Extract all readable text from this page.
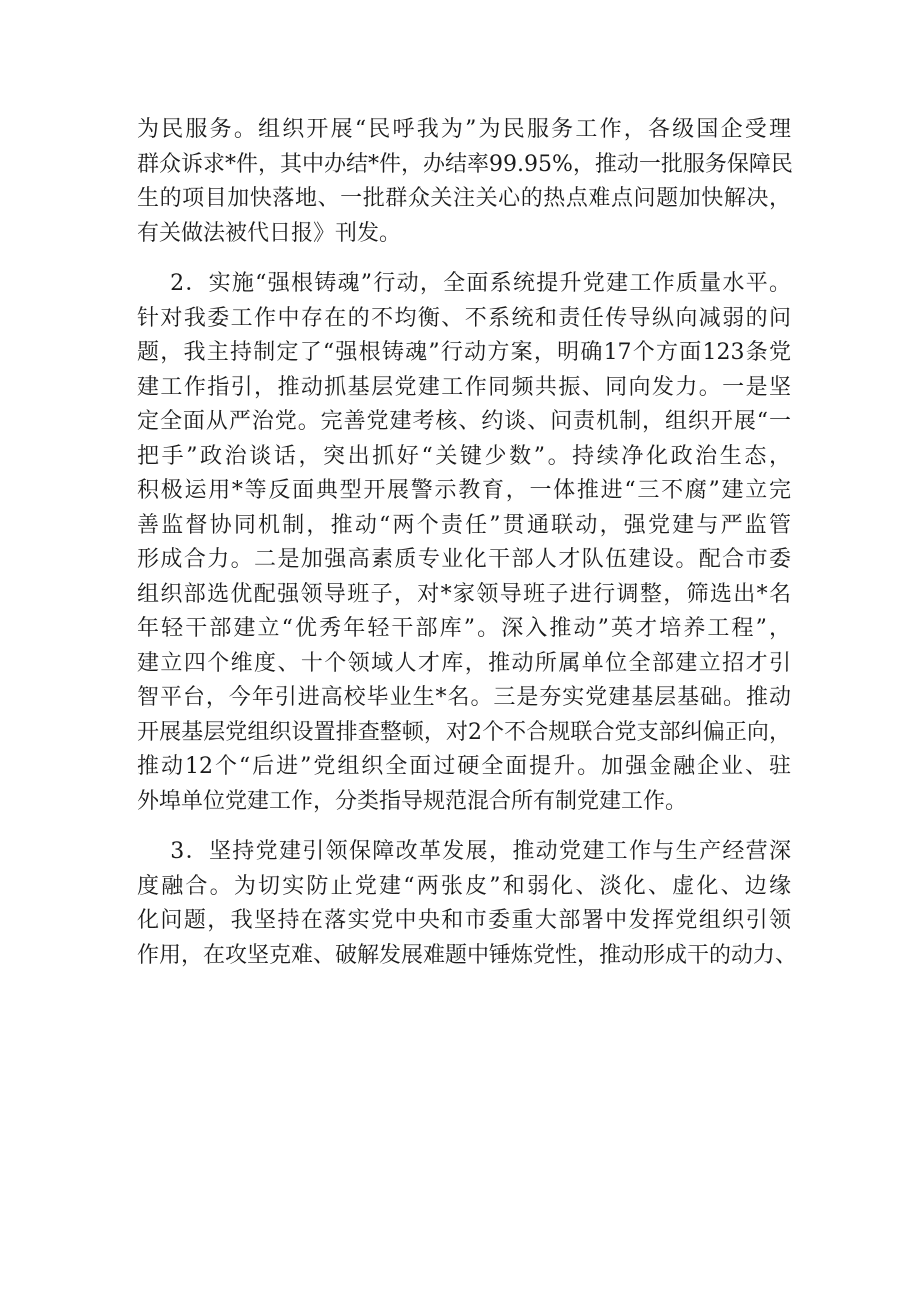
为民服务。组织开展“民呼我为”为民服务工作，各级国企受理
群众诉求*件，其中办结*件，办结率99.95%，推动一批服务保障民
生的项目加快落地、一批群众关注关心的热点难点问题加快解决，
有关做法被代日报》刊发。
2．实施“强根铸魂”行动，全面系统提升党建工作质量水平。
针对我委工作中存在的不均衡、不系统和责任传导纵向减弱的问
题，我主持制定了“强根铸魂”行动方案，明确17个方面123条党
建工作指引，推动抓基层党建工作同频共振、同向发力。一是坚
定全面从严治党。完善党建考核、约谈、问责机制，组织开展“一
把手”政治谈话，突出抓好“关键少数”。持续净化政治生态，
积极运用*等反面典型开展警示教育，一体推进“三不腐”建立完
善监督协同机制，推动“两个责任”贯通联动，强党建与严监管
形成合力。二是加强高素质专业化干部人才队伍建设。配合市委
组织部选优配强领导班子，对*家领导班子进行调整，筛选出*名
年轻干部建立“优秀年轻干部库”。深入推动”英才培养工程”，
建立四个维度、十个领域人才库，推动所属单位全部建立招才引
智平台，今年引进高校毕业生*名。三是夯实党建基层基础。推动
开展基层党组织设置排查整顿，对2个不合规联合党支部纠偏正向，
推动12个“后进”党组织全面过硬全面提升。加强金融企业、驻
外埠单位党建工作，分类指导规范混合所有制党建工作。
3．坚持党建引领保障改革发展，推动党建工作与生产经营深
度融合。为切实防止党建“两张皮”和弱化、淡化、虚化、边缘
化问题，我坚持在落实党中央和市委重大部署中发挥党组织引领
作用，在攻坚克难、破解发展难题中锤炼党性，推动形成干的动力、
